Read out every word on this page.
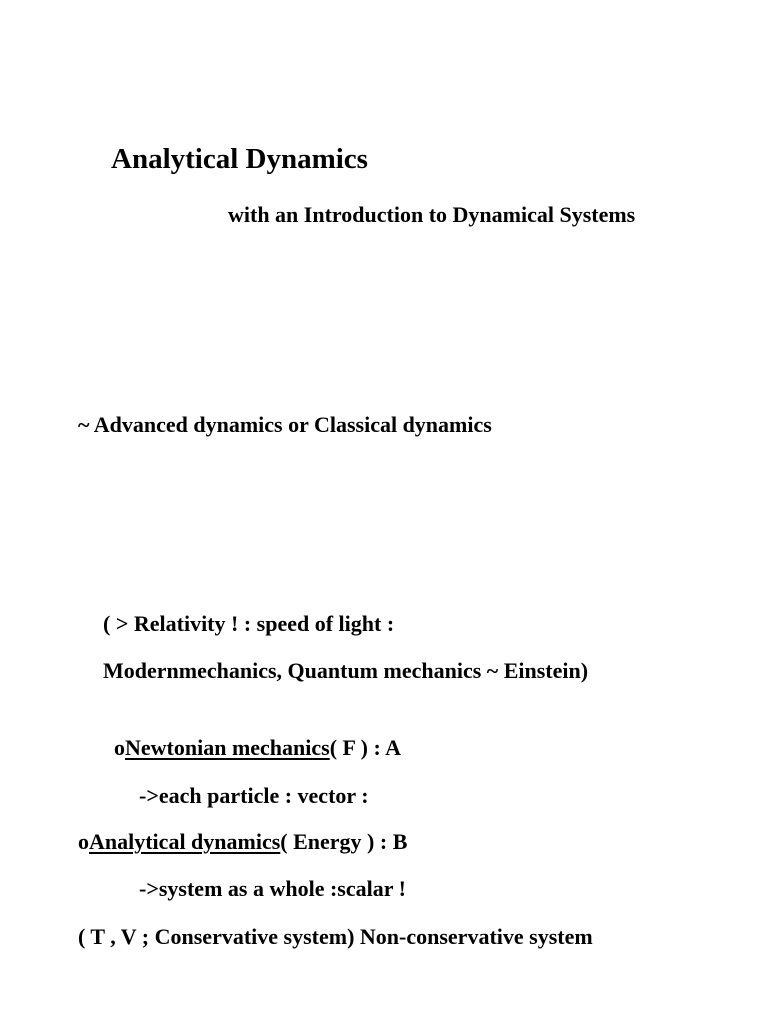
Analytical Dynamics
with an Introduction to Dynamical Systems
~ Advanced dynamics or Classical dynamics
( > Relativity ! : speed of light :
Modernmechanics, Quantum mechanics ~ Einstein)
oNewtonian mechanics( F ) : A
->each particle : vector :
oAnalytical dynamics( Energy ) : B
->system as a whole :scalar !
( T , V ; Conservative system) Non-conservative system
